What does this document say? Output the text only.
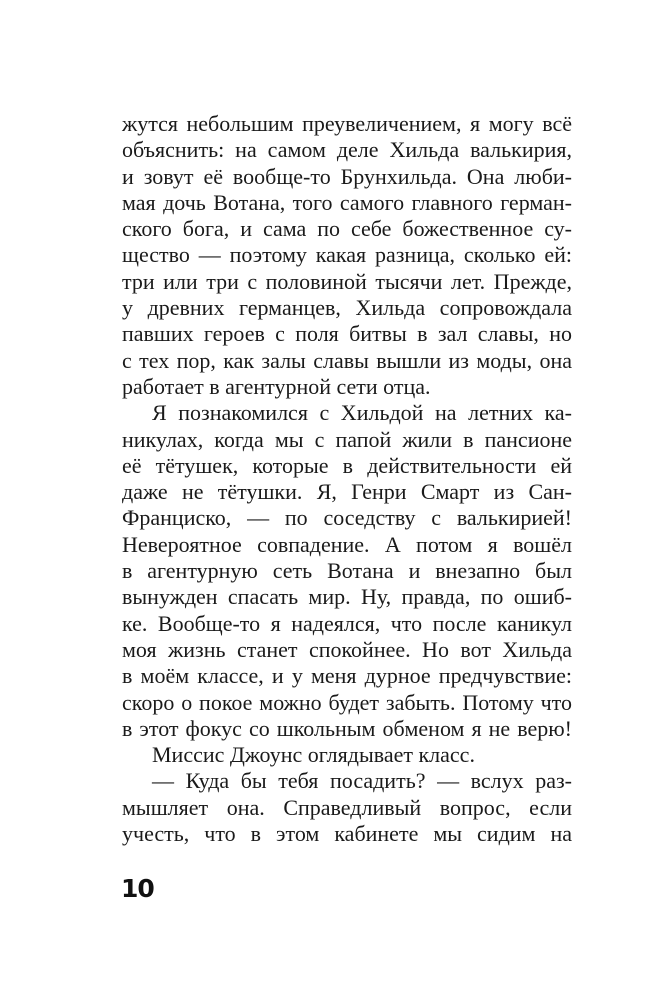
жутся небольшим преувеличением, я могу всё
объяснить: на самом деле Хильда валькирия,
и зовут её вообще-то Брунхильда. Она люби-
мая дочь Вотана, того самого главного герман-
ского бога, и сама по себе божественное су-
щество — поэтому какая разница, сколько ей:
три или три с половиной тысячи лет. Прежде,
у древних германцев, Хильда сопровождала
павших героев с поля битвы в зал славы, но
с тех пор, как залы славы вышли из моды, она
работает в агентурной сети отца.
Я познакомился с Хильдой на летних ка-
никулах, когда мы с папой жили в пансионе
её тётушек, которые в действительности ей
даже не тётушки. Я, Генри Смарт из Сан-
Франциско, — по соседству с валькирией!
Невероятное совпадение. А потом я вошёл
в агентурную сеть Вотана и внезапно был
вынужден спасать мир. Ну, правда, по ошиб-
ке. Вообще-то я надеялся, что после каникул
моя жизнь станет спокойнее. Но вот Хильда
в моём классе, и у меня дурное предчувствие:
скоро о покое можно будет забыть. Потому что
в этот фокус со школьным обменом я не верю!
Миссис Джоунс оглядывает класс.
— Куда бы тебя посадить? — вслух раз-
мышляет она. Справедливый вопрос, если
учесть, что в этом кабинете мы сидим на
10
